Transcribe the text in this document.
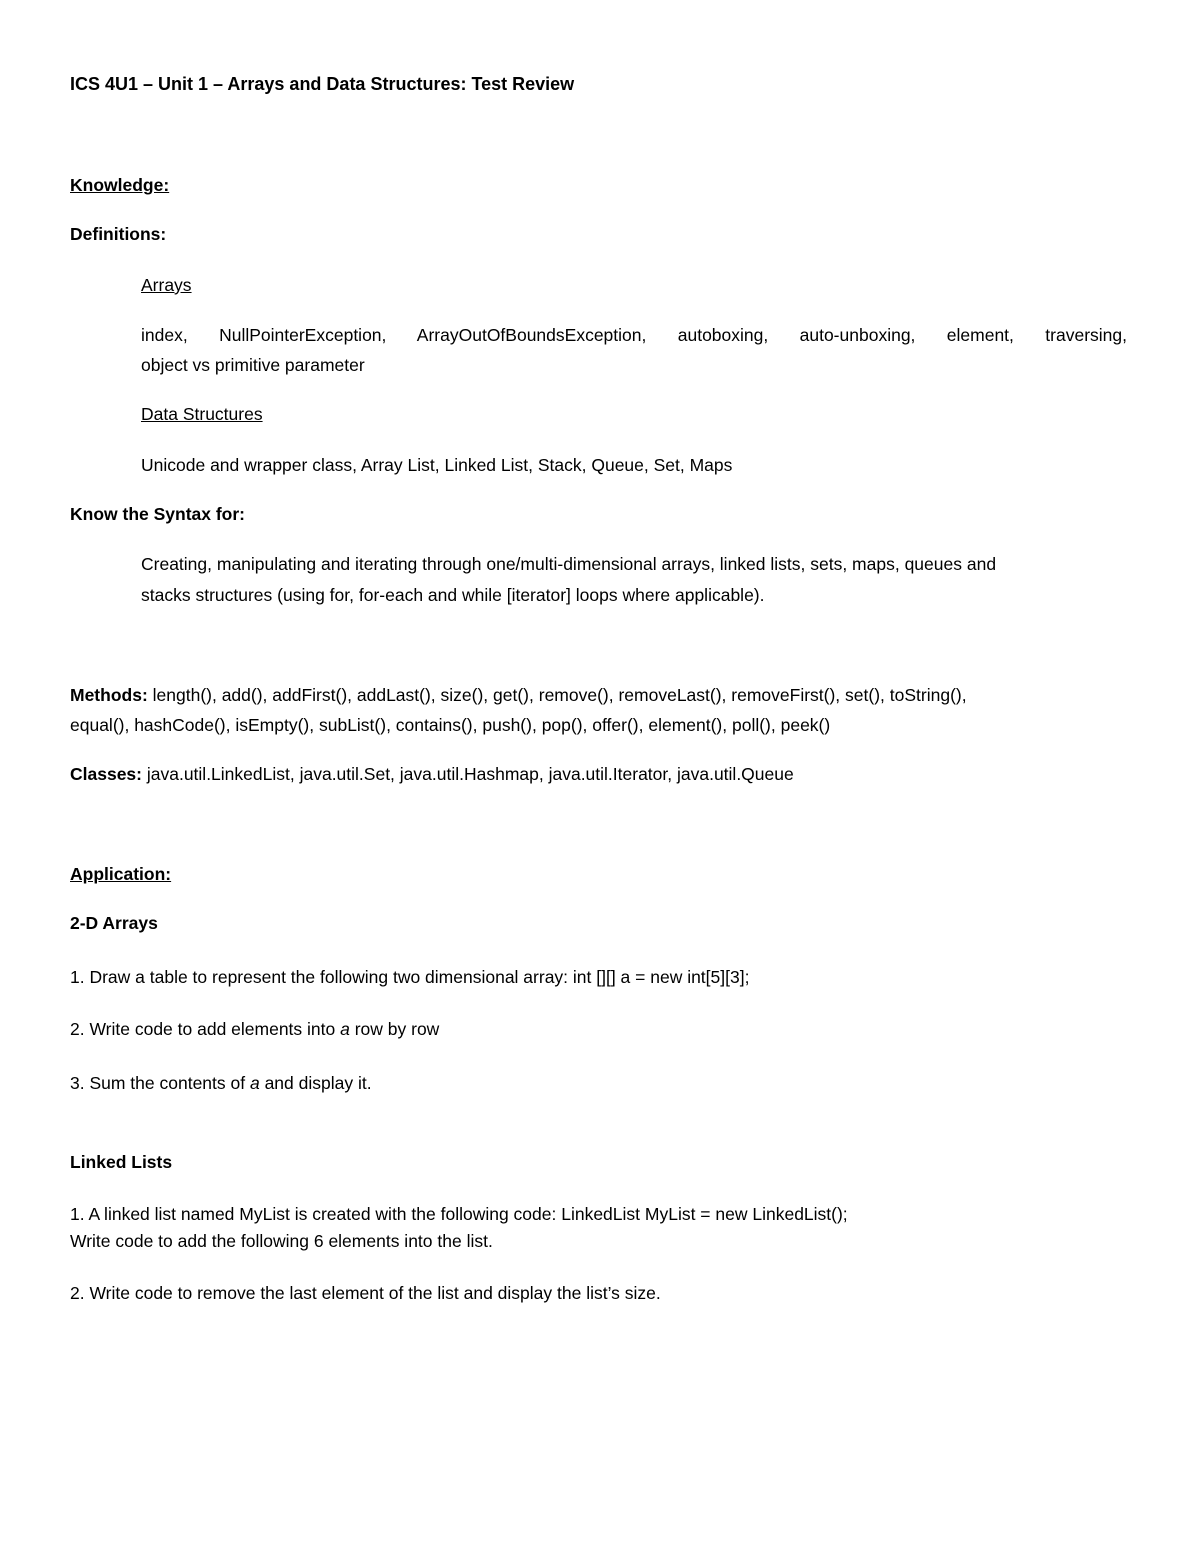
ICS 4U1 – Unit 1 – Arrays and Data Structures: Test Review
Knowledge:
Definitions:
Arrays
index, NullPointerException, ArrayOutOfBoundsException, autoboxing, auto-unboxing, element, traversing,
object vs primitive parameter
Data Structures
Unicode and wrapper class, Array List, Linked List, Stack, Queue, Set, Maps
Know the Syntax for:
Creating, manipulating and iterating through one/multi-dimensional arrays, linked lists, sets, maps, queues and
stacks structures (using for, for-each and while [iterator] loops where applicable).
Methods: length(), add(), addFirst(), addLast(), size(), get(), remove(), removeLast(), removeFirst(), set(), toString(),
equal(), hashCode(), isEmpty(), subList(), contains(), push(), pop(), offer(), element(), poll(), peek()
Classes: java.util.LinkedList, java.util.Set, java.util.Hashmap, java.util.Iterator, java.util.Queue
Application:
2-D Arrays
1. Draw a table to represent the following two dimensional array: int [][] a = new int[5][3];
2. Write code to add elements into a row by row
3. Sum the contents of a and display it.
Linked Lists
1. A linked list named MyList is created with the following code: LinkedList MyList = new LinkedList();
Write code to add the following 6 elements into the list.
2. Write code to remove the last element of the list and display the list’s size.
